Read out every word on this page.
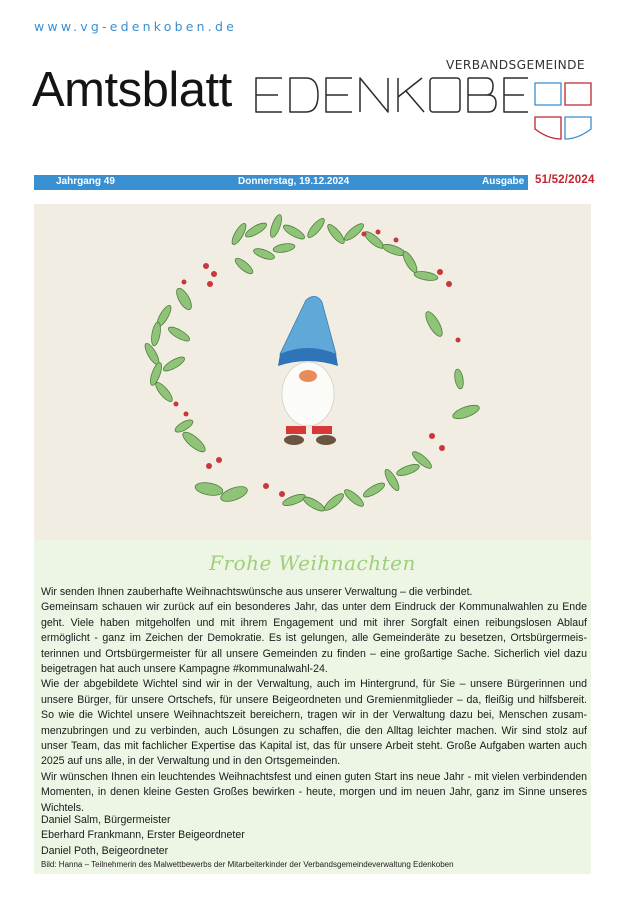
www.vg-edenkoben.de
Amtsblatt	VERBANDSGEMEINDE
Jahrgang 49	Donnerstag, 19.12.2024	Ausgabe 51/52/2024
Frohe Weihnachten

Wir senden Ihnen zauberhafte Weihnachtswünsche aus unserer Verwaltung – die verbindet.

Gemeinsam schauen wir zurück auf ein besonderes Jahr, das unter dem Eindruck der Kommunalwahlen zu Ende geht. Viele haben mitgeholfen und mit ihrem Engagement und mit ihrer Sorgfalt einen reibungslosen Ablauf ermöglicht - ganz im Zeichen der Demokratie. Es ist gelungen, alle Gemeinderäte zu besetzen, Ortsbürgermeisterinnen und Ortsbürgermeister für all unsere Gemeinden zu finden – eine großartige Sache. Sicherlich viel dazu beigetragen hat auch unsere Kampagne #kommunalwahl-24.

Wie der abgebildete Wichtel sind wir in der Verwaltung, auch im Hintergrund, für Sie – unsere Bürgerinnen und unsere Bürger, für unsere Ortschefs, für unsere Beigeordneten und Gremienmitglieder – da, fleißig und hilfsbereit. So wie die Wichtel unsere Weihnachtszeit bereichern, tragen wir in der Verwaltung dazu bei, Menschen zusammenzubringen und zu verbinden, auch Lösungen zu schaffen, die den Alltag leichter machen. Wir sind stolz auf unser Team, das mit fachlicher Expertise das Kapital ist, das für unsere Arbeit steht. Große Aufgaben warten auch 2025 auf uns alle, in der Verwaltung und in den Ortsgemeinden.

Wir wünschen Ihnen ein leuchtendes Weihnachtsfest und einen guten Start ins neue Jahr - mit vielen verbindenden Momenten, in denen kleine Gesten Großes bewirken - heute, morgen und im neuen Jahr, ganz im Sinne unseres Wichtels.

Daniel Salm, Bürgermeister
Eberhard Frankmann, Erster Beigeordneter
Daniel Poth, Beigeordneter
Bild: Hanna – Teilnehmerin des Malwettbewerbs der Mitarbeiterkinder der Verbandsgemeindeverwaltung Edenkoben
